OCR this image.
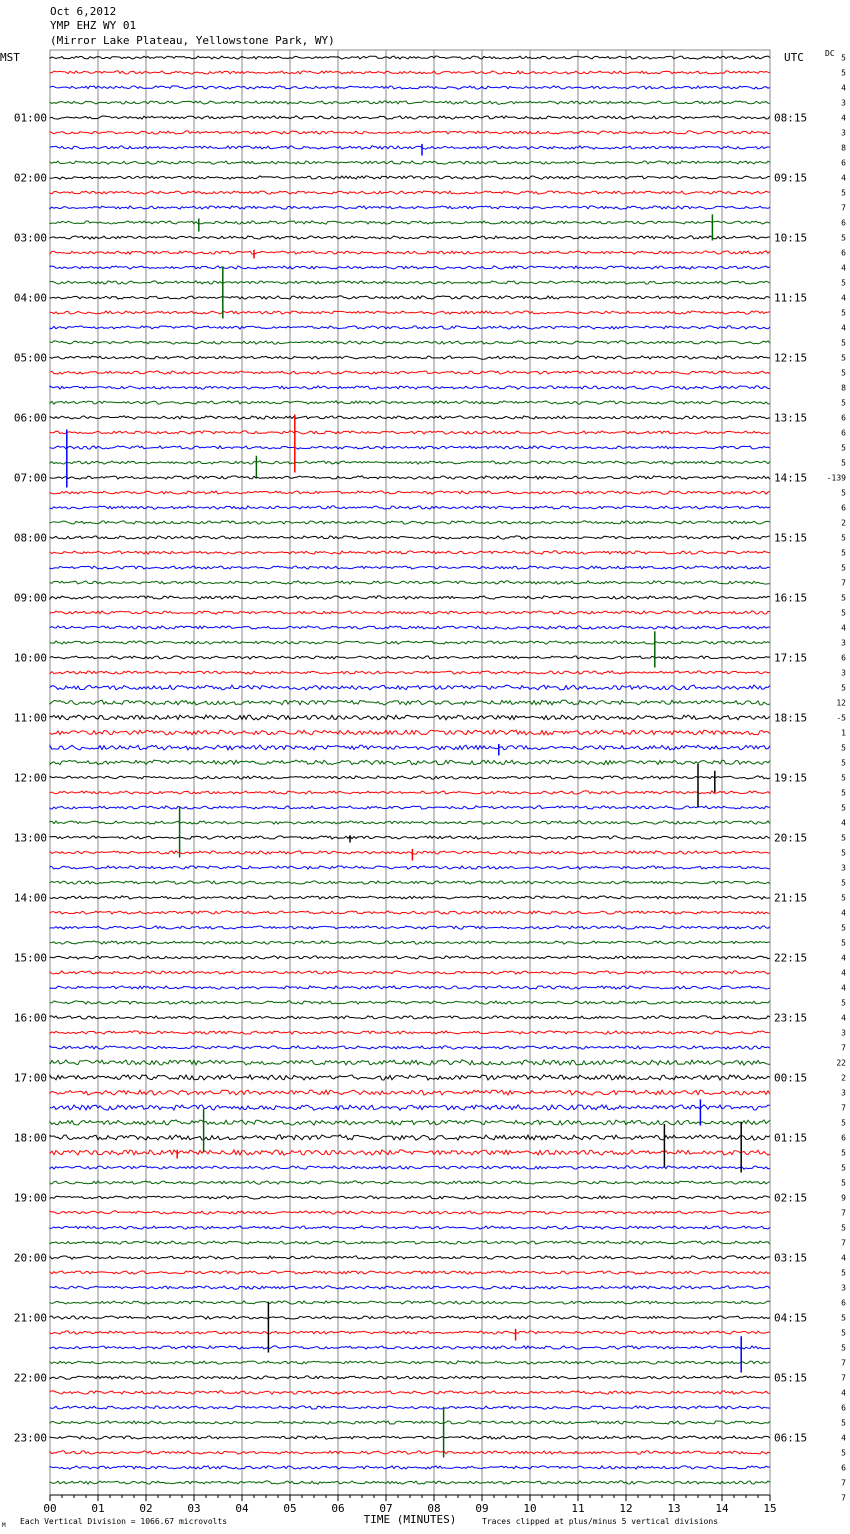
Oct 6,2012
YMP EHZ WY 01
(Mirror Lake Plateau, Yellowstone Park, WY)
MST	UTC	DC
TIME (MINUTES)
Each Vertical Division = 1066.67 microvolts	Traces clipped at plus/minus 5 vertical divisions
M
00	01	02	03	04	05	06	07	08	09	10	11	12	13	14	15
01:00
02:00
03:00
04:00
05:00
06:00
07:00
08:00
09:00
10:00
11:00
12:00
13:00
14:00
15:00
16:00
17:00
18:00
19:00
20:00
21:00
22:00
23:00
08:15
09:15
10:15
11:15
12:15
13:15
14:15
15:15
16:15
17:15
18:15
19:15
20:15
21:15
22:15
23:15
00:15
01:15
02:15
03:15
04:15
05:15
06:15
5
5
4
3
4
3
8
6
4
5
7
6
5
6
4
5
4
5
4
5
5
5
8
5
6
6
5
5
-139
5
6
2
5
5
5
7
5
5
4
3
6
3
5
12
-5
1
5
5
5
5
5
4
5
5
3
5
5
4
5
5
4
4
4
5
4
3
7
22
2
3
7
5
6
5
5
5
9
7
5
7
4
5
3
6
5
5
5
7
7
4
6
5
4
5
6
7
7
